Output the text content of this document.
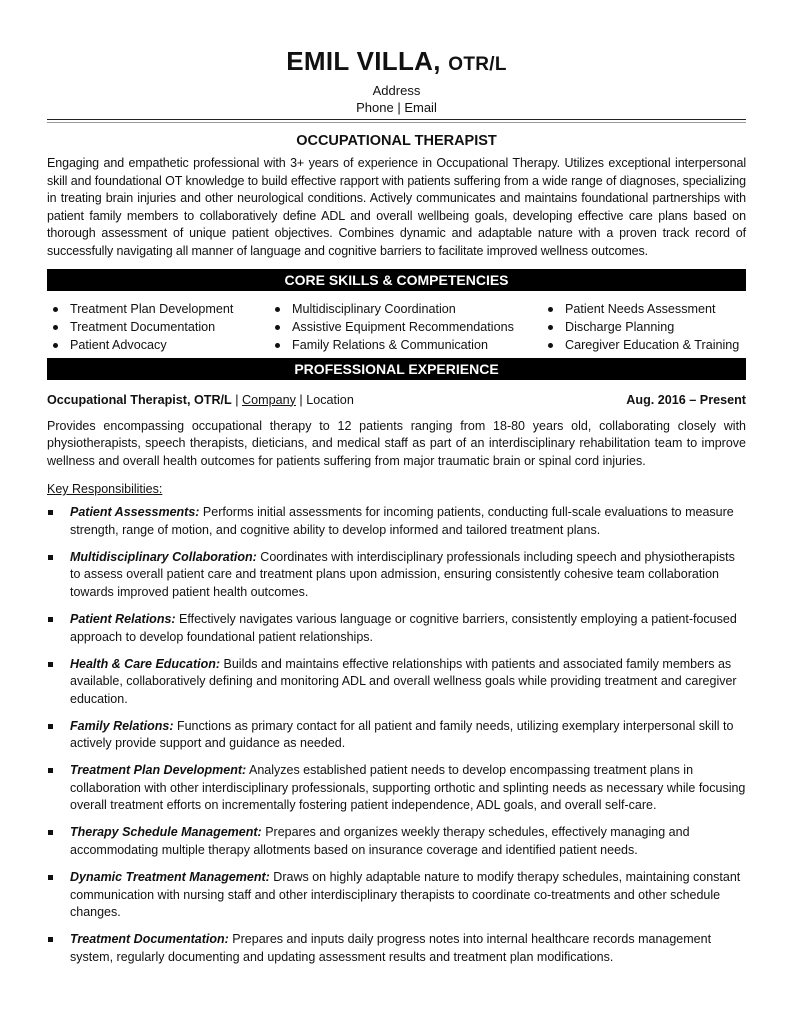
EMIL VILLA, OTR/L
Address
Phone | Email
OCCUPATIONAL THERAPIST
Engaging and empathetic professional with 3+ years of experience in Occupational Therapy. Utilizes exceptional interpersonal skill and foundational OT knowledge to build effective rapport with patients suffering from a wide range of diagnoses, specializing in treating brain injuries and other neurological conditions. Actively communicates and maintains foundational partnerships with patient family members to collaboratively define ADL and overall wellbeing goals, developing effective care plans based on thorough assessment of unique patient objectives. Combines dynamic and adaptable nature with a proven track record of successfully navigating all manner of language and cognitive barriers to facilitate improved wellness outcomes.
CORE SKILLS & COMPETENCIES
Treatment Plan Development
Treatment Documentation
Patient Advocacy
Multidisciplinary Coordination
Assistive Equipment Recommendations
Family Relations & Communication
Patient Needs Assessment
Discharge Planning
Caregiver Education & Training
PROFESSIONAL EXPERIENCE
Occupational Therapist, OTR/L | Company | Location	Aug. 2016 – Present
Provides encompassing occupational therapy to 12 patients ranging from 18-80 years old, collaborating closely with physiotherapists, speech therapists, dieticians, and medical staff as part of an interdisciplinary rehabilitation team to improve wellness and overall health outcomes for patients suffering from major traumatic brain or spinal cord injuries.
Key Responsibilities:
Patient Assessments: Performs initial assessments for incoming patients, conducting full-scale evaluations to measure strength, range of motion, and cognitive ability to develop informed and tailored treatment plans.
Multidisciplinary Collaboration: Coordinates with interdisciplinary professionals including speech and physiotherapists to assess overall patient care and treatment plans upon admission, ensuring consistently cohesive team collaboration towards improved patient health outcomes.
Patient Relations: Effectively navigates various language or cognitive barriers, consistently employing a patient-focused approach to develop foundational patient relationships.
Health & Care Education: Builds and maintains effective relationships with patients and associated family members as available, collaboratively defining and monitoring ADL and overall wellness goals while providing treatment and caregiver education.
Family Relations: Functions as primary contact for all patient and family needs, utilizing exemplary interpersonal skill to actively provide support and guidance as needed.
Treatment Plan Development: Analyzes established patient needs to develop encompassing treatment plans in collaboration with other interdisciplinary professionals, supporting orthotic and splinting needs as necessary while focusing overall treatment efforts on incrementally fostering patient independence, ADL goals, and overall self-care.
Therapy Schedule Management: Prepares and organizes weekly therapy schedules, effectively managing and accommodating multiple therapy allotments based on insurance coverage and identified patient needs.
Dynamic Treatment Management: Draws on highly adaptable nature to modify therapy schedules, maintaining constant communication with nursing staff and other interdisciplinary therapists to coordinate co-treatments and other schedule changes.
Treatment Documentation: Prepares and inputs daily progress notes into internal healthcare records management system, regularly documenting and updating assessment results and treatment plan modifications.
